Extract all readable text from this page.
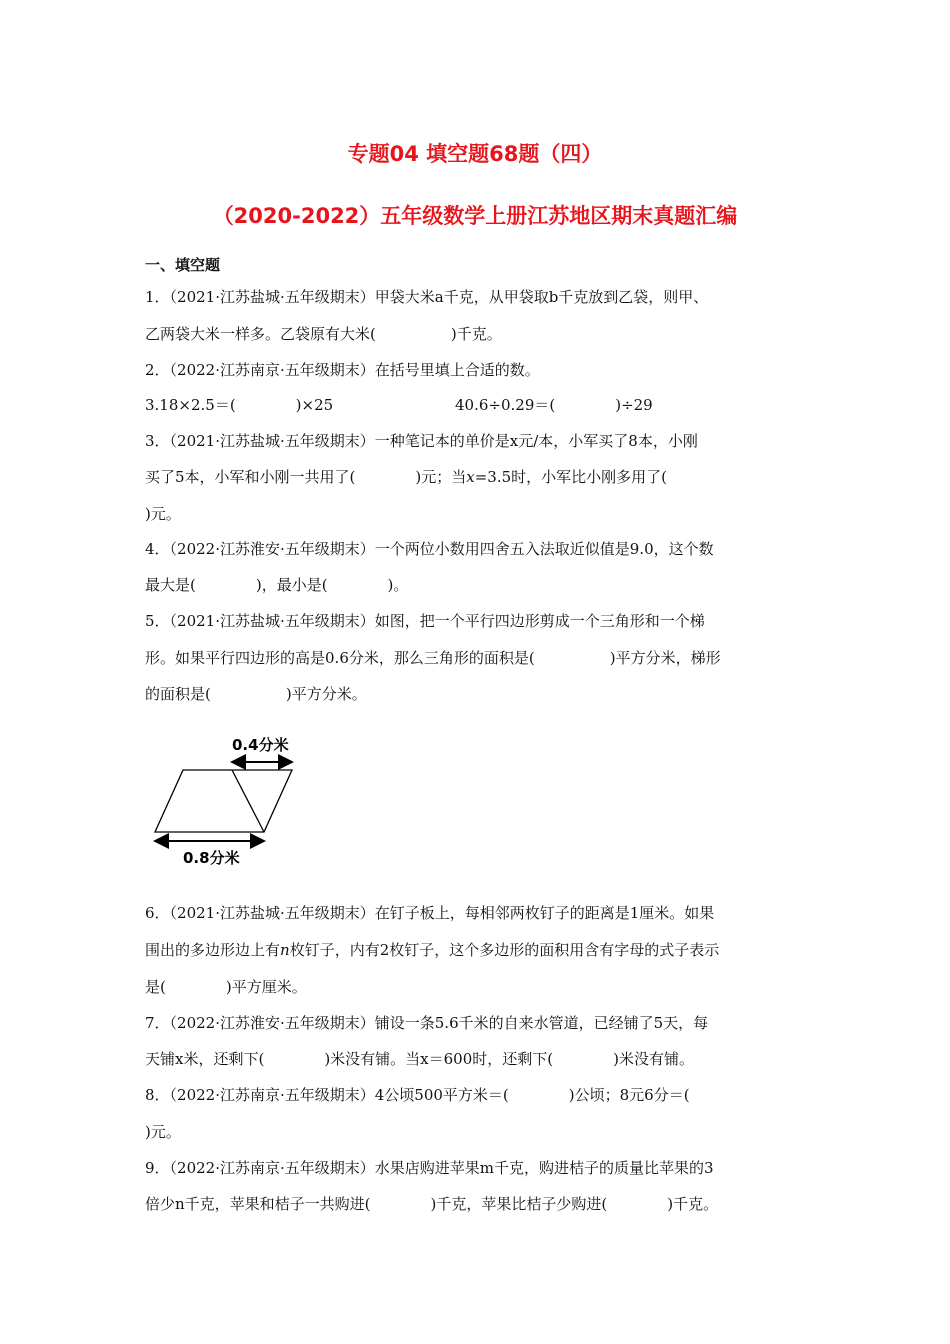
专题04 填空题68题（四）
（2020-2022）五年级数学上册江苏地区期末真题汇编
一、填空题
1．（2021·江苏盐城·五年级期末）甲袋大米a千克，从甲袋取b千克放到乙袋，则甲、
乙两袋大米一样多。乙袋原有大米(　　　　　)千克。
2．（2022·江苏南京·五年级期末）在括号里填上合适的数。
3.18×2.5＝(　　　　)×25	40.6÷0.29＝(　　　　)÷29
3．（2021·江苏盐城·五年级期末）一种笔记本的单价是x元/本，小军买了8本，小刚
买了5本，小军和小刚一共用了(　　　　)元；当x=3.5时，小军比小刚多用了(
)元。
4．（2022·江苏淮安·五年级期末）一个两位小数用四舍五入法取近似值是9.0，这个数
最大是(　　　　)，最小是(　　　　)。
5．（2021·江苏盐城·五年级期末）如图，把一个平行四边形剪成一个三角形和一个梯
形。如果平行四边形的高是0.6分米，那么三角形的面积是(　　　　　)平方分米，梯形
的面积是(　　　　　)平方分米。
0.4分米
0.8分米
6．（2021·江苏盐城·五年级期末）在钉子板上，每相邻两枚钉子的距离是1厘米。如果
围出的多边形边上有n枚钉子，内有2枚钉子，这个多边形的面积用含有字母的式子表示
是(　　　　)平方厘米。
7．（2022·江苏淮安·五年级期末）铺设一条5.6千米的自来水管道，已经铺了5天，每
天铺x米，还剩下(　　　　)米没有铺。当x＝600时，还剩下(　　　　)米没有铺。
8．（2022·江苏南京·五年级期末）4公顷500平方米＝(　　　　)公顷；8元6分＝(
)元。
9．（2022·江苏南京·五年级期末）水果店购进苹果m千克，购进桔子的质量比苹果的3
倍少n千克，苹果和桔子一共购进(　　　　)千克，苹果比桔子少购进(　　　　)千克。
